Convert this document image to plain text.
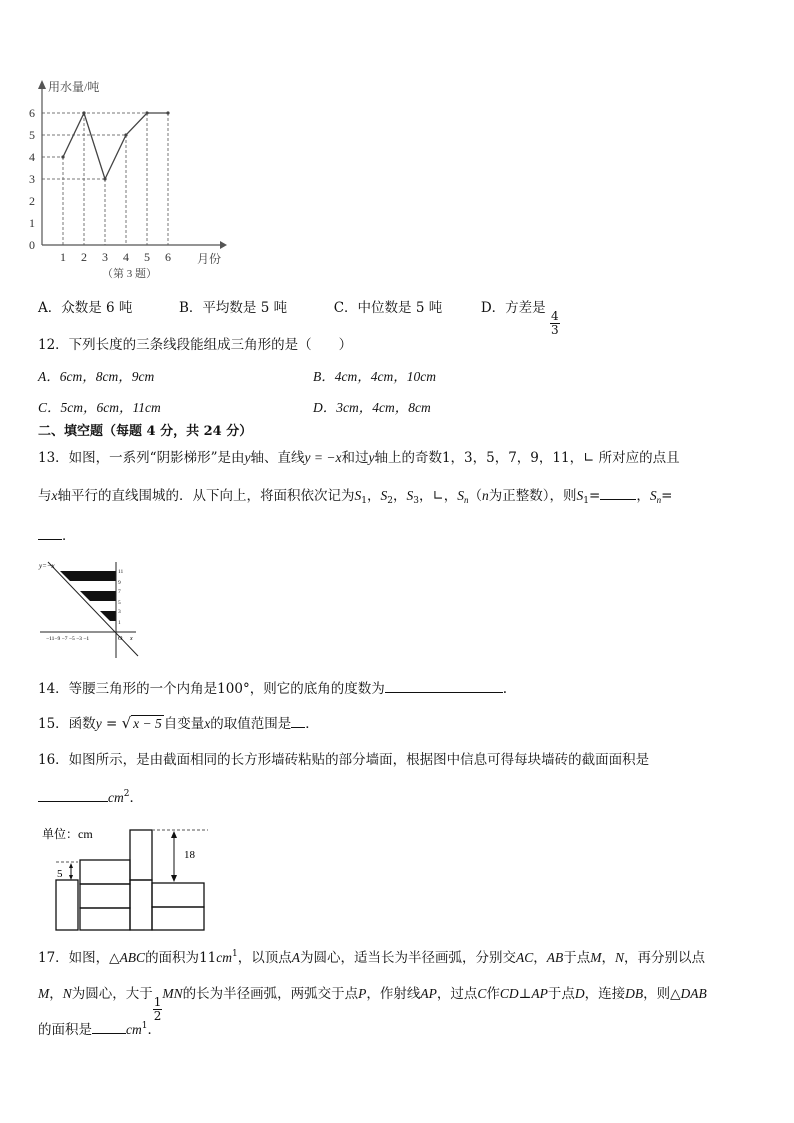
用水量/吨
月份
（第 3 题）
0
1
2
3
4
5
6
1 2 3 4 5 6
A．众数是 6 吨	B．平均数是 5 吨	C．中位数是 5 吨	D．方差是
$\frac{4}{3}$
12．下列长度的三条线段能组成三角形的是（　　）
A．6cm，8cm，9cm	B．4cm，4cm，10cm
C．5cm，6cm，11cm	D．3cm，4cm，8cm
二、填空题（每题 4 分，共 24 分）
13．如图，一系列“阴影梯形”是由y轴、直线y = −x和过y轴上的奇数1，3，5，7，9，11，∟ 所对应的点且
与x轴平行的直线围城的．从下向上，将面积依次记为$S_1$，$S_2$，$S_3$，∟，$S_n(n$为正整数），则$S_1=$	，$S_n=$
．
y=−x
11
9
7
5
3
1
−11−9 −7 −5 −3 −1	O x
14．等腰三角形的一个内角是100°，则它的底角的度数为	.
15．函数y = √ x − 5 自变量x的取值范围是 ．
16．如图所示，是由截面相同的长方形墙砖粘贴的部分墙面，根据图中信息可得每块墙砖的截面面积是
$cm^2$．
单位：cm
5
18
17．如图，△ABC的面积为$11cm^1$，以顶点A为圆心，适当长为半径画弧，分别交AC，AB于点M，N，再分别以点
M，N为圆心，大于
$\frac{1}{2}$
MN的长为半径画弧，两弧交于点P，作射线AP，过点C作CD⊥AP于点D，连接DB，则△DAB
的面积是	$cm^1$．
